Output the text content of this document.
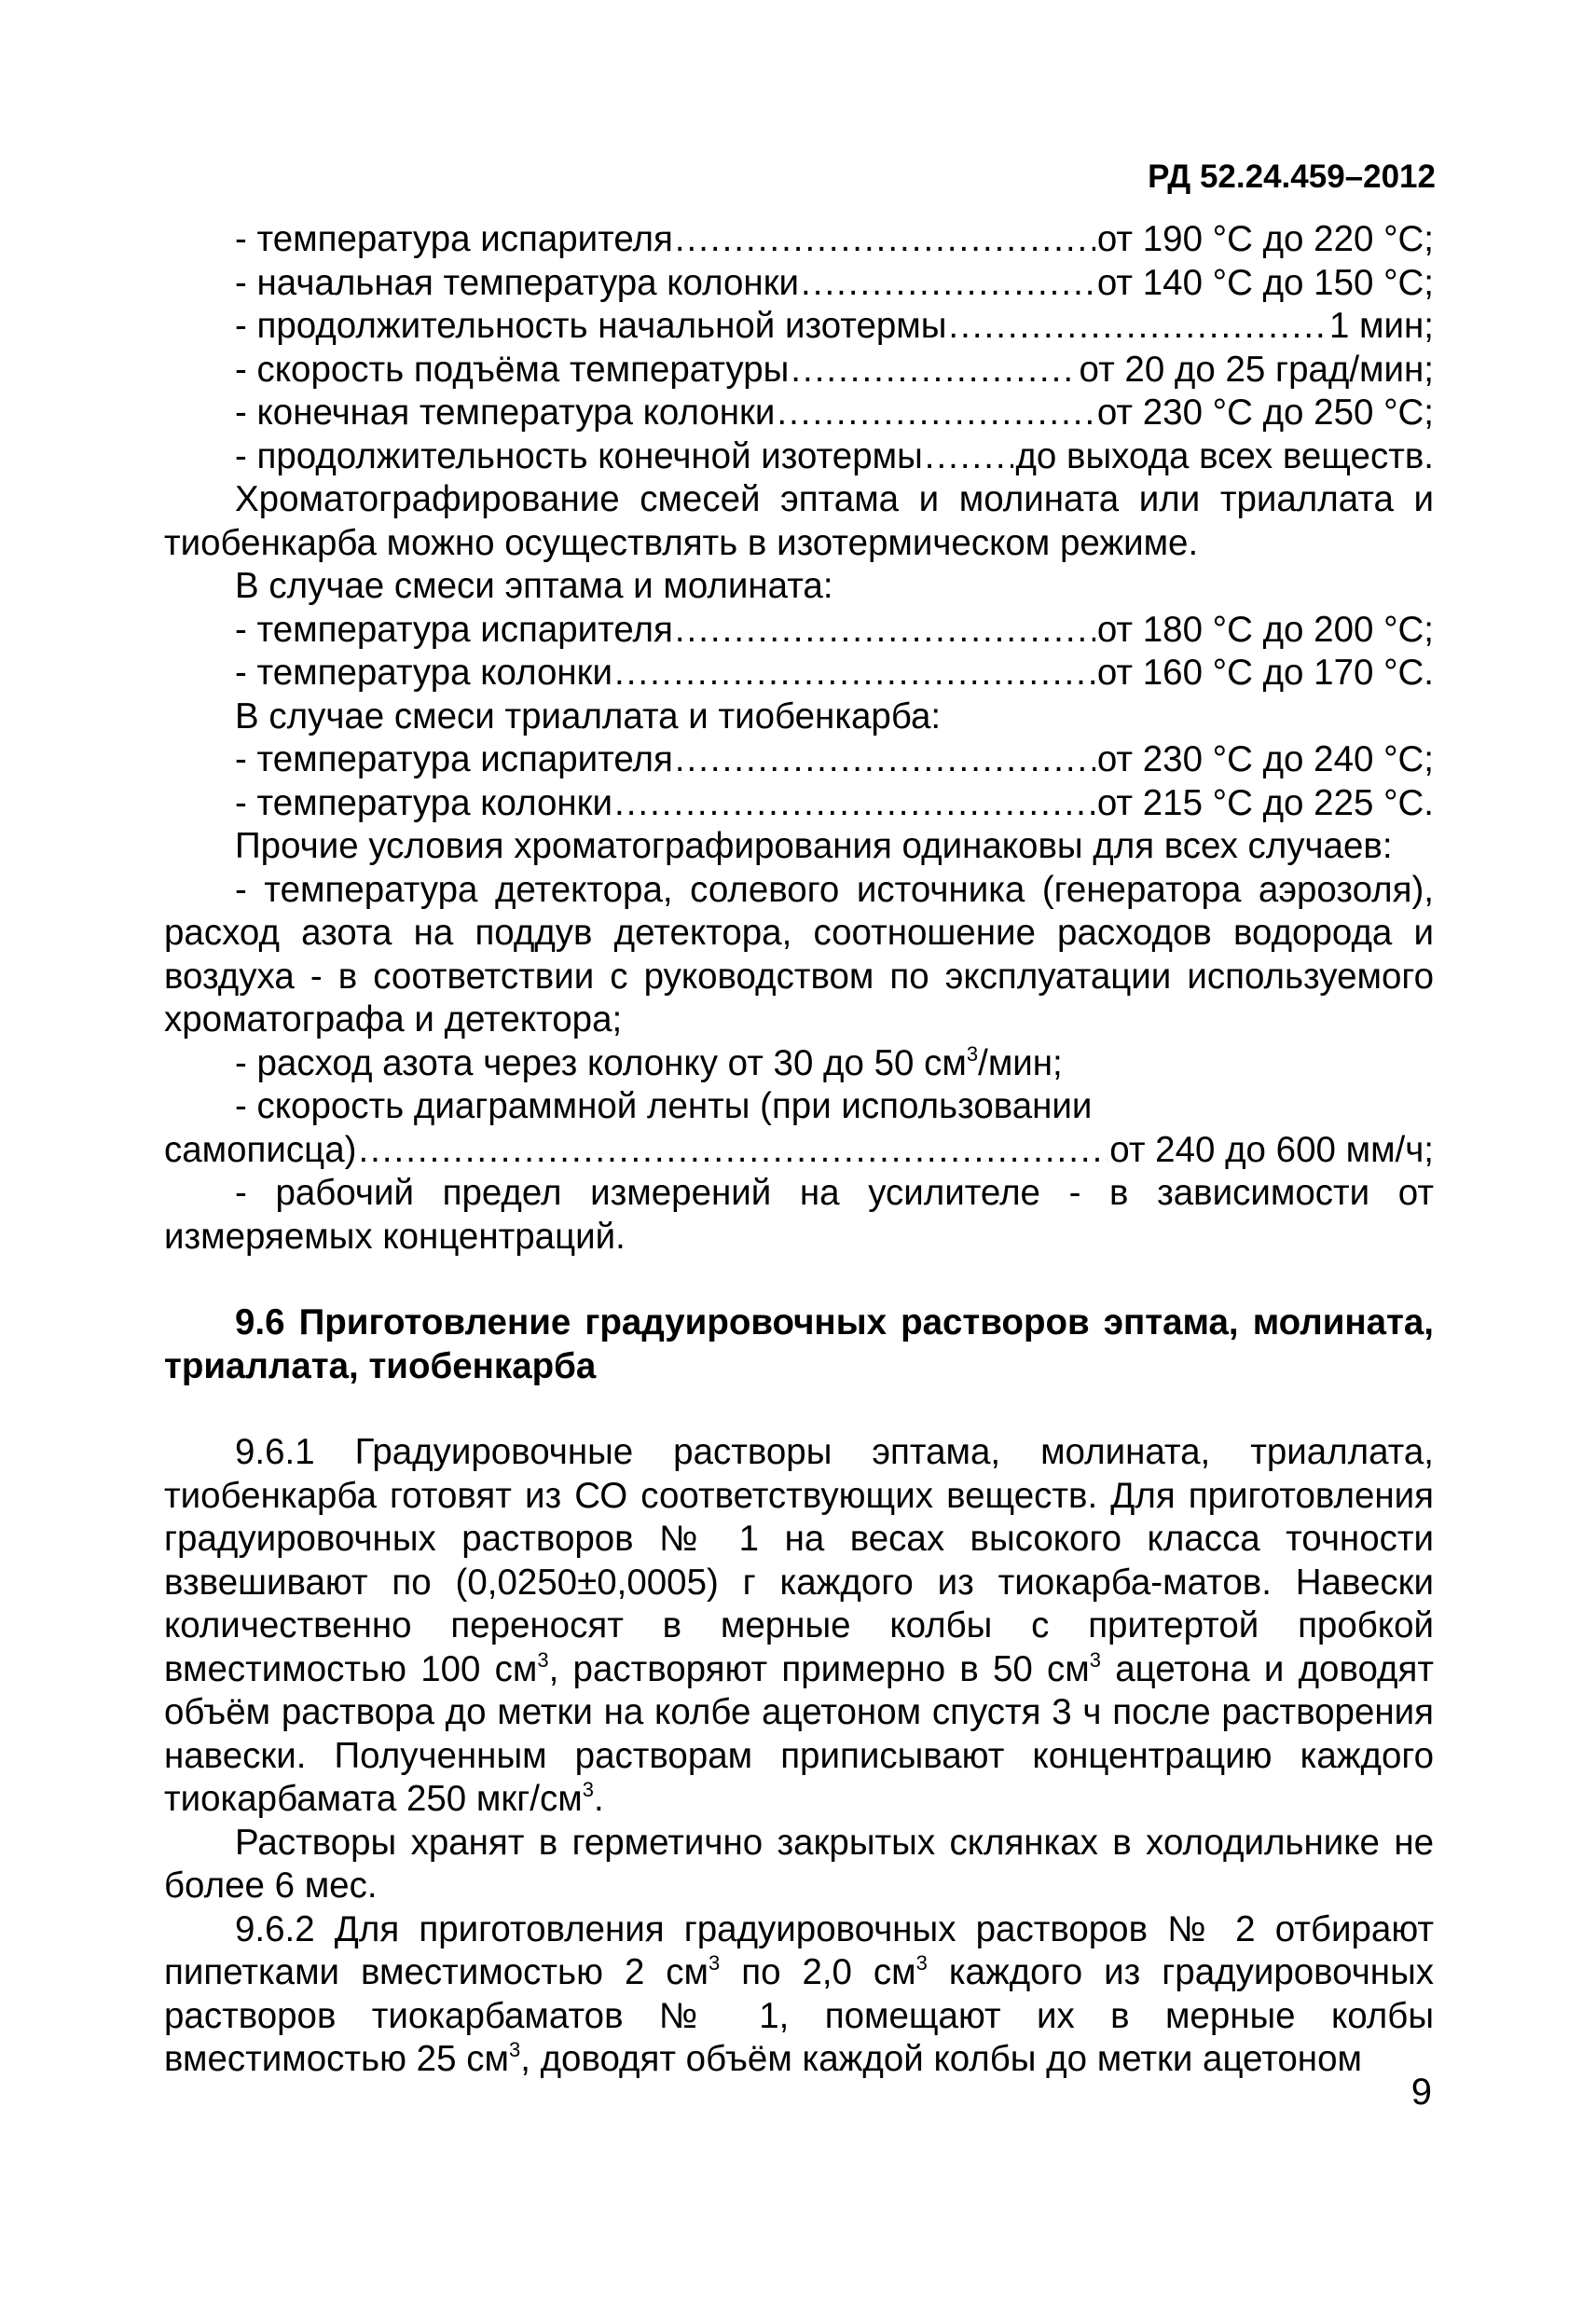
РД 52.24.459–2012
- температура испарителя .....	от 190 °С до 220 °С;
- начальная температура колонки .....	от 140 °С до 150 °С;
- продолжительность начальной изотермы .....	1 мин;
- скорость подъёма температуры .....	от 20 до 25 град/мин;
- конечная температура колонки .....	от 230 °С до 250 °С;
- продолжительность конечной изотермы .....	до выхода всех веществ.

Хроматографирование смесей эптама и молината или триаллата и тиобенкарба можно осуществлять в изотермическом режиме.

В случае смеси эптама и молината:

- температура испарителя .....	от 180 °С до 200 °С;
- температура колонки .....	от 160 °С до 170 °С.

В случае смеси триаллата и тиобенкарба:

- температура испарителя .....	от 230 °С до 240 °С;
- температура колонки .....	от 215 °С до 225 °С.

Прочие условия хроматографирования одинаковы для всех случаев:

- температура детектора, солевого источника (генератора аэрозоля), расход азота на поддув детектора, соотношение расходов водорода и воздуха - в соответствии с руководством по эксплуатации используемого хроматографа и детектора;

- расход азота через колонку от 30 до 50 $см^3$/мин;

- скорость диаграммной ленты (при использовании

самописца) .....	от 240 до 600 мм/ч;

- рабочий предел измерений на усилителе - в зависимости от измеряемых концентраций.

9.6 Приготовление градуировочных растворов эптама, молината, триаллата, тиобенкарба

9.6.1 Градуировочные растворы эптама, молината, триаллата, тиобенкарба готовят из СО соответствующих веществ. Для приготовления градуировочных растворов № 1 на весах высокого класса точности взвешивают по (0,0250±0,0005) г каждого из тиокарба-матов. Навески количественно переносят в мерные колбы с притертой пробкой вместимостью 100 $см^3$, растворяют примерно в 50 $см^3$ ацетона и доводят объём раствора до метки на колбе ацетоном спустя 3 ч после растворения навески. Полученным растворам приписывают концентрацию каждого тиокарбамата 250 мкг/$см^3$.

Растворы хранят в герметично закрытых склянках в холодильнике не более 6 мес.

9.6.2 Для приготовления градуировочных растворов № 2 отбирают пипетками вместимостью 2 $см^3$ по 2,0 $см^3$ каждого из градуировочных растворов тиокарбаматов № 1, помещают их в мерные колбы вместимостью 25 $см^3$, доводят объём каждой колбы до метки ацетоном

9
